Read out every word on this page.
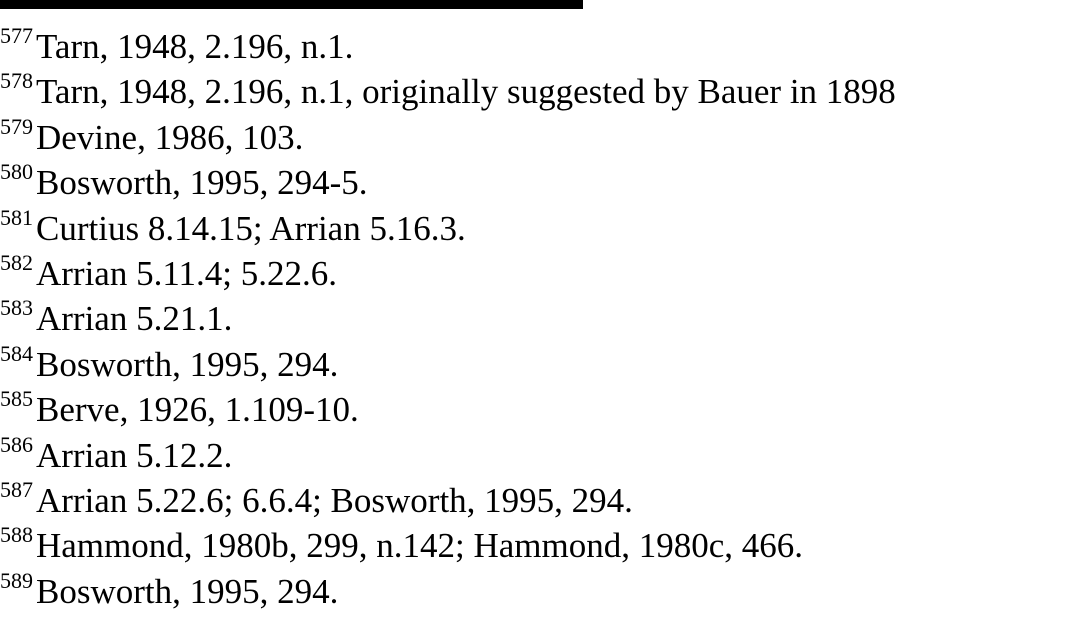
$^{577}$Tarn, 1948, 2.196, n.1.
$^{578}$Tarn, 1948, 2.196, n.1, originally suggested by Bauer in 1898
$^{579}$Devine, 1986, 103.
$^{580}$Bosworth, 1995, 294-5.
$^{581}$Curtius 8.14.15; Arrian 5.16.3.
$^{582}$Arrian 5.11.4; 5.22.6.
$^{583}$Arrian 5.21.1.
$^{584}$Bosworth, 1995, 294.
$^{585}$Berve, 1926, 1.109-10.
$^{586}$Arrian 5.12.2.
$^{587}$Arrian 5.22.6; 6.6.4; Bosworth, 1995, 294.
$^{588}$Hammond, 1980b, 299, n.142; Hammond, 1980c, 466.
$^{589}$Bosworth, 1995, 294.
